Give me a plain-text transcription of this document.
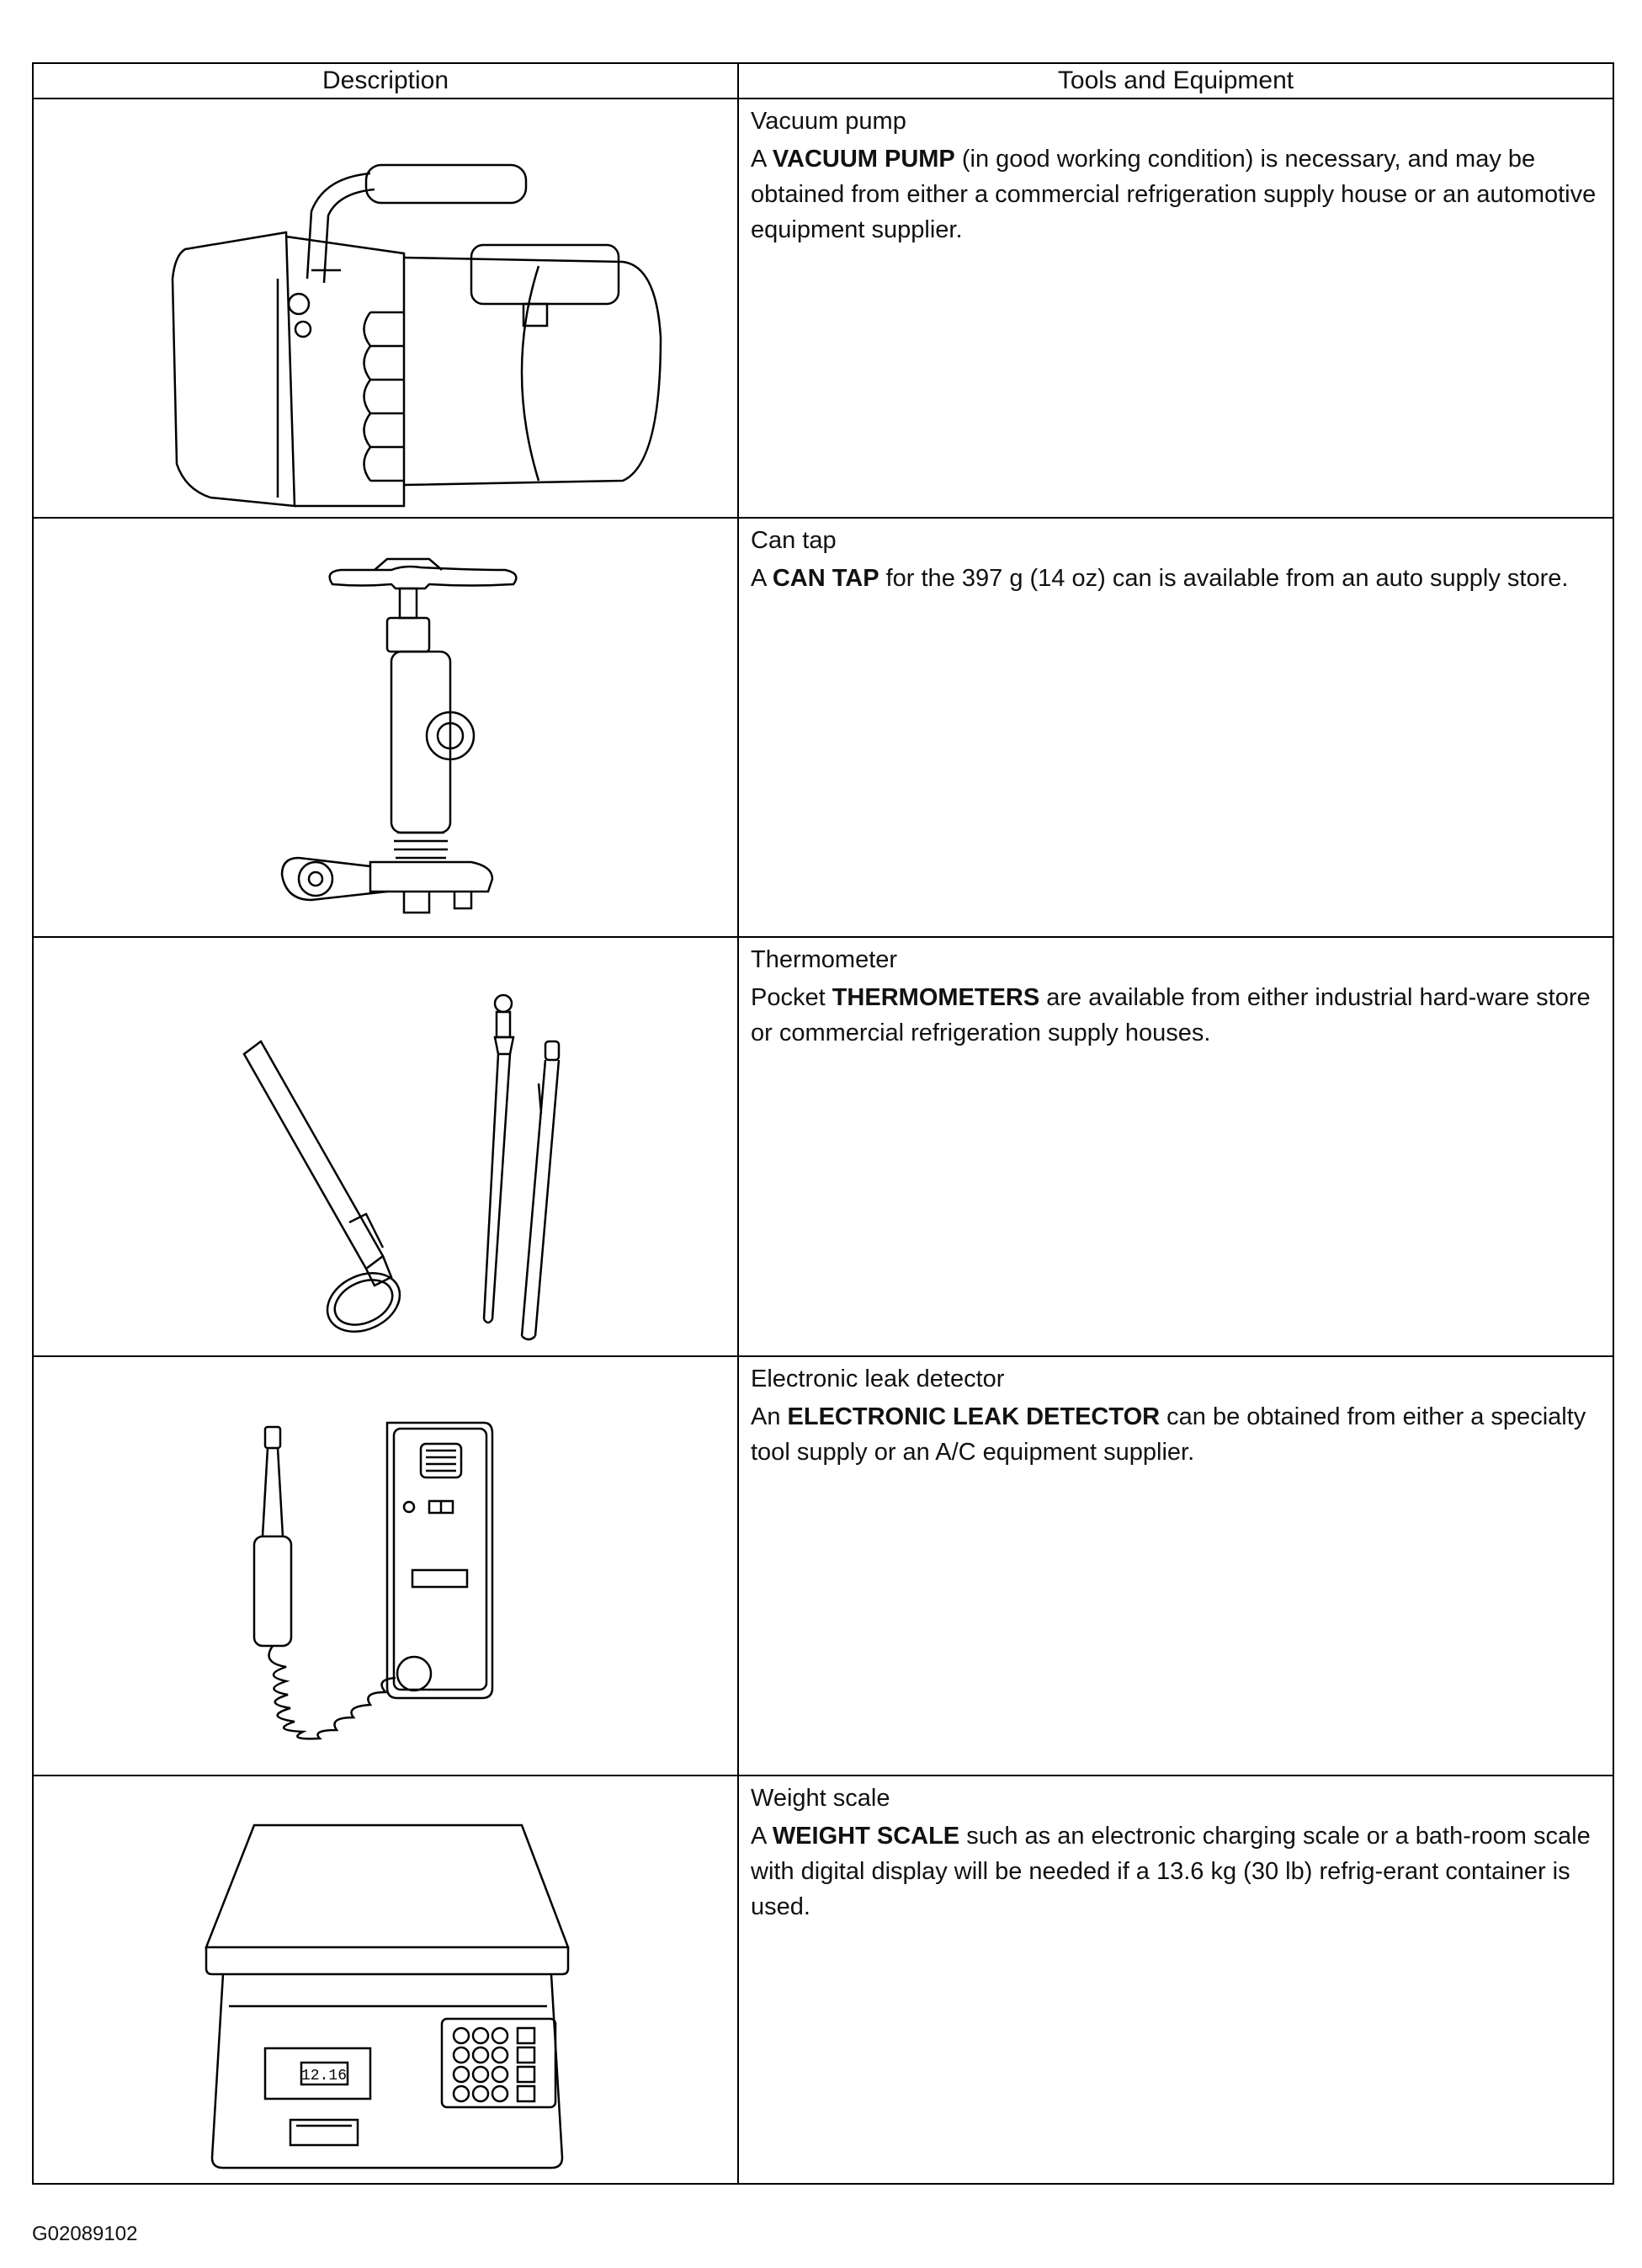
Description	Tools and Equipment

Vacuum pump

A VACUUM PUMP (in good working condition) is necessary, and may be obtained from either a commercial refrigeration supply house or an automotive equipment supplier.

Can tap

A CAN TAP for the 397 g (14 oz) can is available from an auto supply store.

Thermometer

Pocket THERMOMETERS are available from either industrial hard-ware store or commercial refrigeration supply houses.

Electronic leak detector

An ELECTRONIC LEAK DETECTOR can be obtained from either a specialty tool supply or an A/C equipment supplier.

12.16	Weight scale

A WEIGHT SCALE such as an electronic charging scale or a bath-room scale with digital display will be needed if a 13.6 kg (30 lb) refrig-erant container is used.

G02089102
